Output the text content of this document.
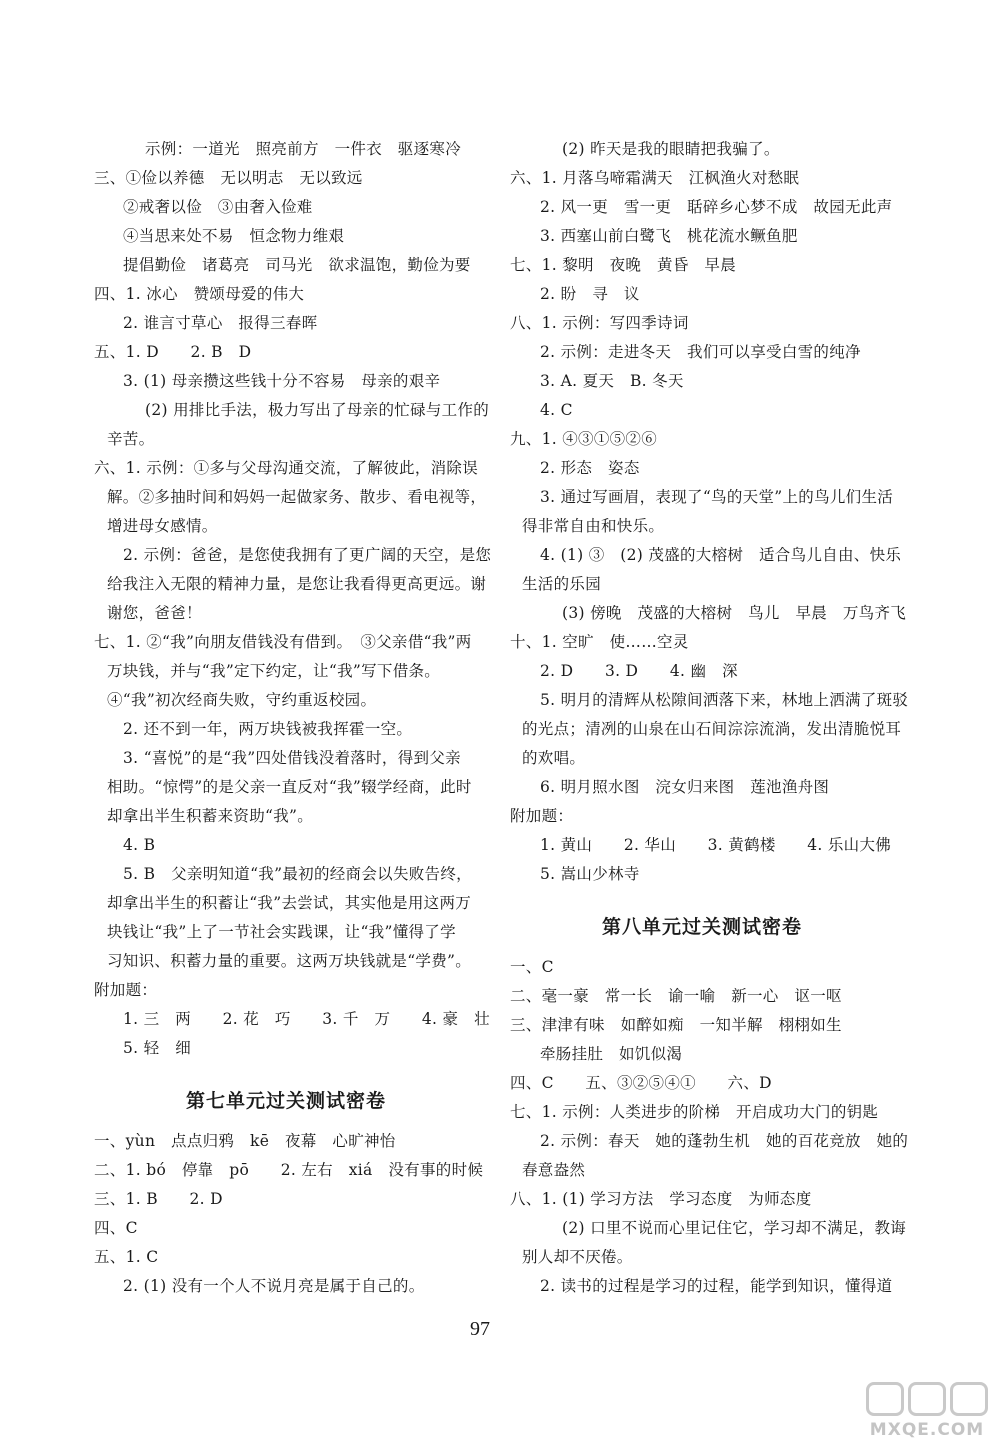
示例：一道光　照亮前方　一件衣　驱逐寒冷
三、①俭以养德　无以明志　无以致远
②戒奢以俭　③由奢入俭难
④当思来处不易　恒念物力维艰
提倡勤俭　诸葛亮　司马光　欲求温饱，勤俭为要
四、1. 冰心　赞颂母爱的伟大
2. 谁言寸草心　报得三春晖
五、1. D　　2. B　D
3. (1) 母亲攒这些钱十分不容易　母亲的艰辛
(2) 用排比手法，极力写出了母亲的忙碌与工作的
辛苦。
六、1. 示例：①多与父母沟通交流，了解彼此，消除误
解。②多抽时间和妈妈一起做家务、散步、看电视等，
增进母女感情。
2. 示例：爸爸，是您使我拥有了更广阔的天空，是您
给我注入无限的精神力量，是您让我看得更高更远。谢
谢您，爸爸！
七、1. ②“我”向朋友借钱没有借到。　③父亲借“我”两
万块钱，并与“我”定下约定，让“我”写下借条。
④“我”初次经商失败，守约重返校园。
2. 还不到一年，两万块钱被我挥霍一空。
3. “喜悦”的是“我”四处借钱没着落时，得到父亲
相助。“惊愕”的是父亲一直反对“我”辍学经商，此时
却拿出半生积蓄来资助“我”。
4. B
5. B　父亲明知道“我”最初的经商会以失败告终，
却拿出半生的积蓄让“我”去尝试，其实他是用这两万
块钱让“我”上了一节社会实践课，让“我”懂得了学
习知识、积蓄力量的重要。这两万块钱就是“学费”。
附加题：
1. 三　两　　2. 花　巧　　3. 千　万　　4. 豪　壮
5. 轻　细
第七单元过关测试密卷
一、yùn　点点归鸦　kē　夜幕　心旷神怡
二、1. bó　停靠　pō　　2. 左右　xiá　没有事的时候
三、1. B　　2. D
四、C
五、1. C
2. (1) 没有一个人不说月亮是属于自己的。
(2) 昨天是我的眼睛把我骗了。
六、1. 月落乌啼霜满天　江枫渔火对愁眠
2. 风一更　雪一更　聒碎乡心梦不成　故园无此声
3. 西塞山前白鹭飞　桃花流水鳜鱼肥
七、1. 黎明　夜晚　黄昏　早晨
2. 盼　寻　议
八、1. 示例：写四季诗词
2. 示例：走进冬天　我们可以享受白雪的纯净
3. A. 夏天　B. 冬天
4. C
九、1. ④③①⑤②⑥
2. 形态　姿态
3. 通过写画眉，表现了“鸟的天堂”上的鸟儿们生活
得非常自由和快乐。
4. (1) ③　(2) 茂盛的大榕树　适合鸟儿自由、快乐
生活的乐园
(3) 傍晚　茂盛的大榕树　鸟儿　早晨　万鸟齐飞
十、1. 空旷　使……空灵
2. D　　3. D　　4. 幽　深
5. 明月的清辉从松隙间洒落下来，林地上洒满了斑驳
的光点；清冽的山泉在山石间淙淙流淌，发出清脆悦耳
的欢唱。
6. 明月照水图　浣女归来图　莲池渔舟图
附加题：
1. 黄山　　2. 华山　　3. 黄鹤楼　　4. 乐山大佛
5. 嵩山少林寺
第八单元过关测试密卷
一、C
二、毫一豪　常一长　谕一喻　新一心　讴一呕
三、津津有味　如醉如痴　一知半解　栩栩如生
牵肠挂肚　如饥似渴
四、C　　五、③②⑤④①　　六、D
七、1. 示例：人类进步的阶梯　开启成功大门的钥匙
2. 示例：春天　她的蓬勃生机　她的百花竞放　她的
春意盎然
八、1. (1) 学习方法　学习态度　为师态度
(2) 口里不说而心里记住它，学习却不满足，教诲
别人却不厌倦。
2. 读书的过程是学习的过程，能学到知识，懂得道
97
MXQE.COM
